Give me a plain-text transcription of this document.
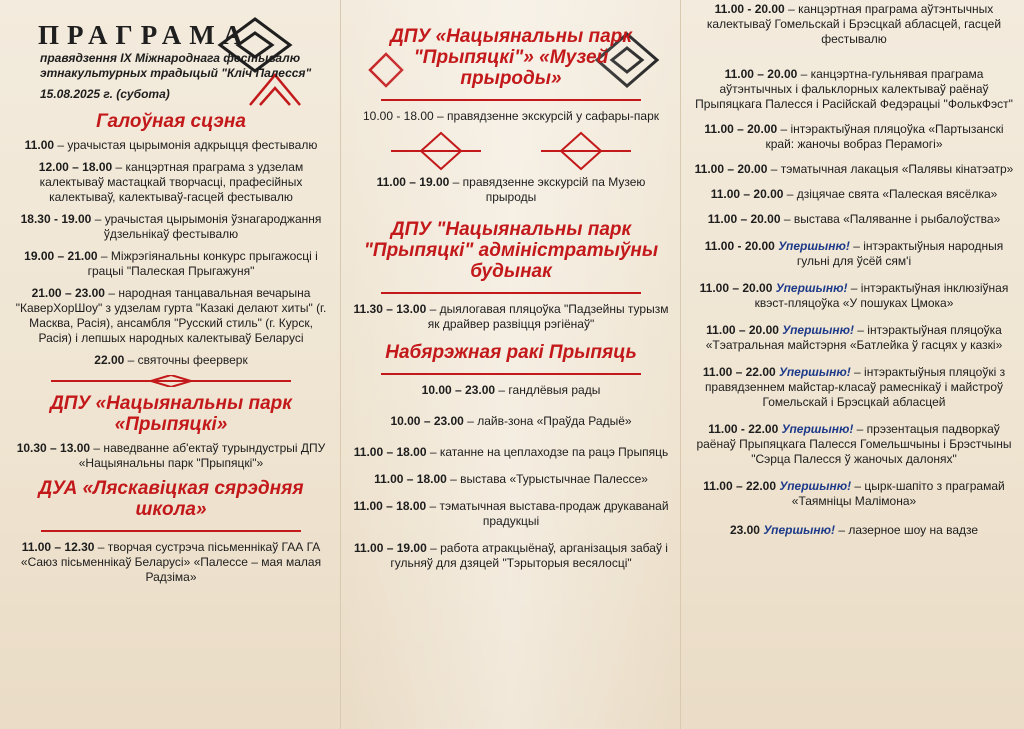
ПРАГРАМА
правядзення IX Міжнароднага фестывалю
этнакультурных традыцый "Кліч Палесся"
15.08.2025 г. (субота)
Галоўная сцэна
11.00 – урачыстая цырымонія адкрыцця фестывалю
12.00 – 18.00 – канцэртная праграма з удзелам калектываў мастацкай творчасці, прафесійных калектываў, калектываў-гасцей фестывалю
18.30 - 19.00 – урачыстая цырымонія ўзнагароджання ўдзельнікаў фестывалю
19.00 – 21.00 – Міжрэгіянальны конкурс прыгажосці і грацыі "Палеская Прыгажуня"
21.00 – 23.00 – народная танцавальная вечарына "КаверХорШоу" з удзелам гурта "Казакі делают хиты" (г. Масква, Расія), ансамбля "Русский стиль" (г. Курск, Расія) і лепшых народных калектываў Беларусі
22.00 – святочны феерверк
ДПУ «Нацыянальны парк «Прыпяцкі»
10.30 – 13.00 – наведванне аб'ектаў турындустрыі ДПУ «Нацыянальны парк "Прыпяцкі"»
ДУА «Ляскавіцкая сярэдняя школа»
11.00 – 12.30 – творчая сустрэча пісьменнікаў ГАА ГА «Саюз пісьменнікаў Беларусі» «Палессе – мая малая Радзіма»
ДПУ «Нацыянальны парк "Прыпяцкі"» «Музей прыроды»
10.00 - 18.00 – правядзенне экскурсій у сафары-парк
11.00 – 19.00 – правядзенне экскурсій па Музею прыроды
ДПУ "Нацыянальны парк "Прыпяцкі" адміністратыўны будынак
11.30 – 13.00 – дыялогавая пляцоўка "Падзейны турызм як драйвер развіцця рэгіёнаў"
Набярэжная ракі Прыпяць
10.00 – 23.00 – гандлёвыя рады
10.00 – 23.00 – лайв-зона «Праўда Радыё»
11.00 – 18.00 – катанне на цеплаходзе па рацэ Прыпяць
11.00 – 18.00 – выстава «Турыстычнае Палессе»
11.00 – 18.00 – тэматычная выстава-продаж друкаванай прадукцыі
11.00 – 19.00 – работа атракцыёнаў, арганізацыя забаў і гульняў для дзяцей "Тэрыторыя весялосці"
11.00 - 20.00 – канцэртная праграма аўтэнтычных калектываў Гомельскай і Брэсцкай абласцей, гасцей фестывалю
11.00 – 20.00 – канцэртна-гульнявая праграма аўтэнтычных і фальклорных калектываў раёнаў Прыпяцкага Палесся і Расійскай Федэрацыі "ФолькФэст"
11.00 – 20.00 – інтэрактыўная пляцоўка «Партызанскі край: жаночы вобраз Перамогі»
11.00 – 20.00 – тэматычная лакацыя «Палявы кінатэатр»
11.00 – 20.00 – дзіцячае свята «Палеская вясёлка»
11.00 – 20.00 – выстава «Паляванне і рыбалоўства»
11.00 - 20.00 Упершыню! – інтэрактыўныя народныя гульні для ўсёй сям'і
11.00 – 20.00 Упершыню! – інтэрактыўная інклюзіўная квэст-пляцоўка «У пошуках Цмока»
11.00 – 20.00 Упершыню! – інтэрактыўная пляцоўка «Тэатральная майстэрня «Батлейка ў гасцях у казкі»
11.00 – 22.00 Упершыню! – інтэрактыўныя пляцоўкі з правядзеннем майстар-класаў рамеснікаў і майстроў Гомельскай і Брэсцкай абласцей
11.00 - 22.00 Упершыню! – прэзентацыя падворкаў раёнаў Прыпяцкага Палесся Гомельшчыны і Брэстчыны "Сэрца Палесся ў жаночых далонях"
11.00 – 22.00 Упершыню! – цырк-шапіто з праграмай «Таямніцы Малімона»
23.00 Упершыню! – лазерное шоу на вадзе
